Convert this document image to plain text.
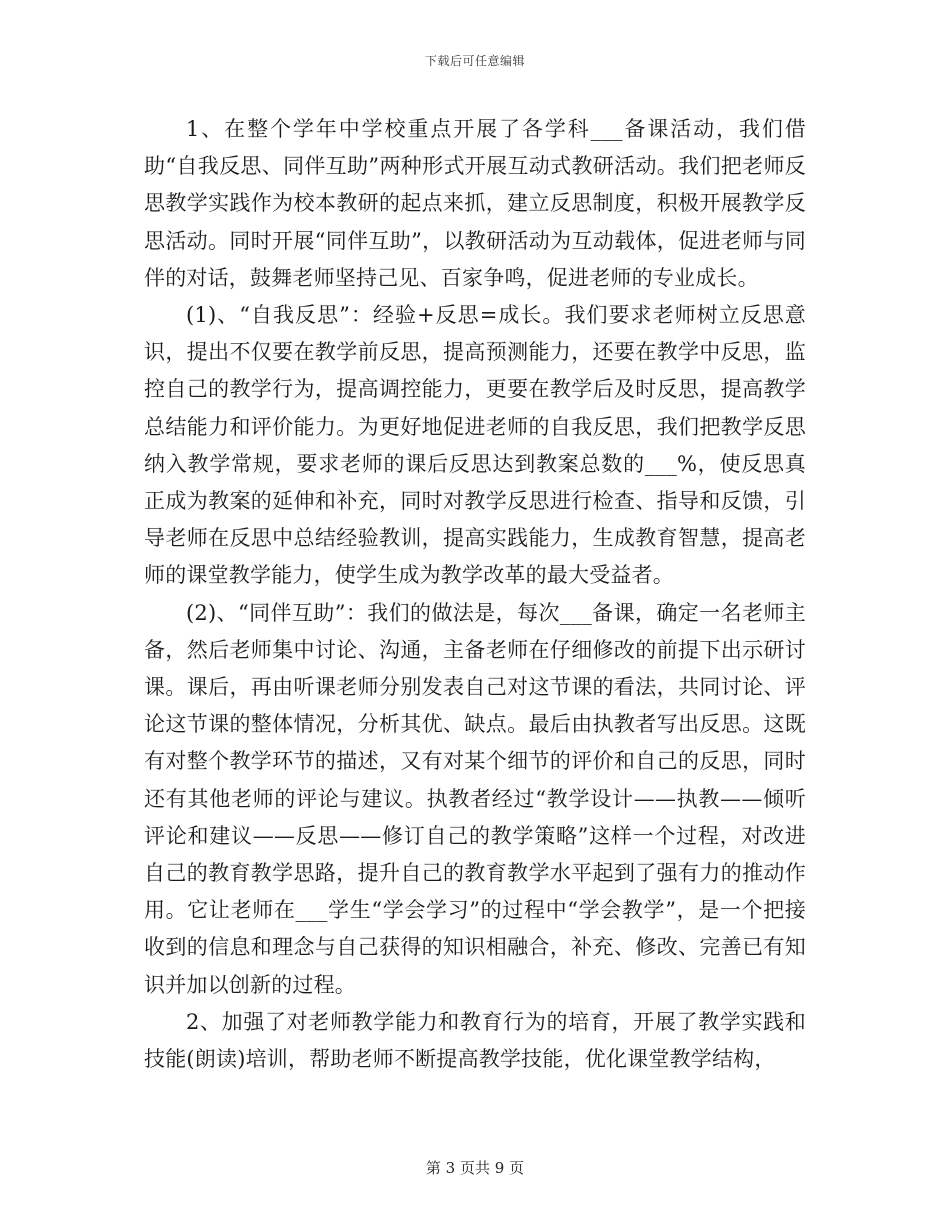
下载后可任意编辑

1、在整个学年中学校重点开展了各学科___备课活动，我们借助“自我反思、同伴互助”两种形式开展互动式教研活动。我们把老师反思教学实践作为校本教研的起点来抓，建立反思制度，积极开展教学反思活动。同时开展“同伴互助”，以教研活动为互动载体，促进老师与同伴的对话，鼓舞老师坚持己见、百家争鸣，促进老师的专业成长。

(1)、“自我反思”：经验+反思=成长。我们要求老师树立反思意识，提出不仅要在教学前反思，提高预测能力，还要在教学中反思，监控自己的教学行为，提高调控能力，更要在教学后及时反思，提高教学总结能力和评价能力。为更好地促进老师的自我反思，我们把教学反思纳入教学常规，要求老师的课后反思达到教案总数的___%，使反思真正成为教案的延伸和补充，同时对教学反思进行检查、指导和反馈，引导老师在反思中总结经验教训，提高实践能力，生成教育智慧，提高老师的课堂教学能力，使学生成为教学改革的最大受益者。

(2)、“同伴互助”：我们的做法是，每次___备课，确定一名老师主备，然后老师集中讨论、沟通，主备老师在仔细修改的前提下出示研讨课。课后，再由听课老师分别发表自己对这节课的看法，共同讨论、评论这节课的整体情况，分析其优、缺点。最后由执教者写出反思。这既有对整个教学环节的描述，又有对某个细节的评价和自己的反思，同时还有其他老师的评论与建议。执教者经过“教学设计——执教——倾听评论和建议——反思——修订自己的教学策略”这样一个过程，对改进自己的教育教学思路，提升自己的教育教学水平起到了强有力的推动作用。它让老师在___学生“学会学习”的过程中“学会教学”，是一个把接收到的信息和理念与自己获得的知识相融合，补充、修改、完善已有知识并加以创新的过程。

2、加强了对老师教学能力和教育行为的培育，开展了教学实践和技能(朗读)培训，帮助老师不断提高教学技能，优化课堂教学结构，

第 3 页共 9 页
